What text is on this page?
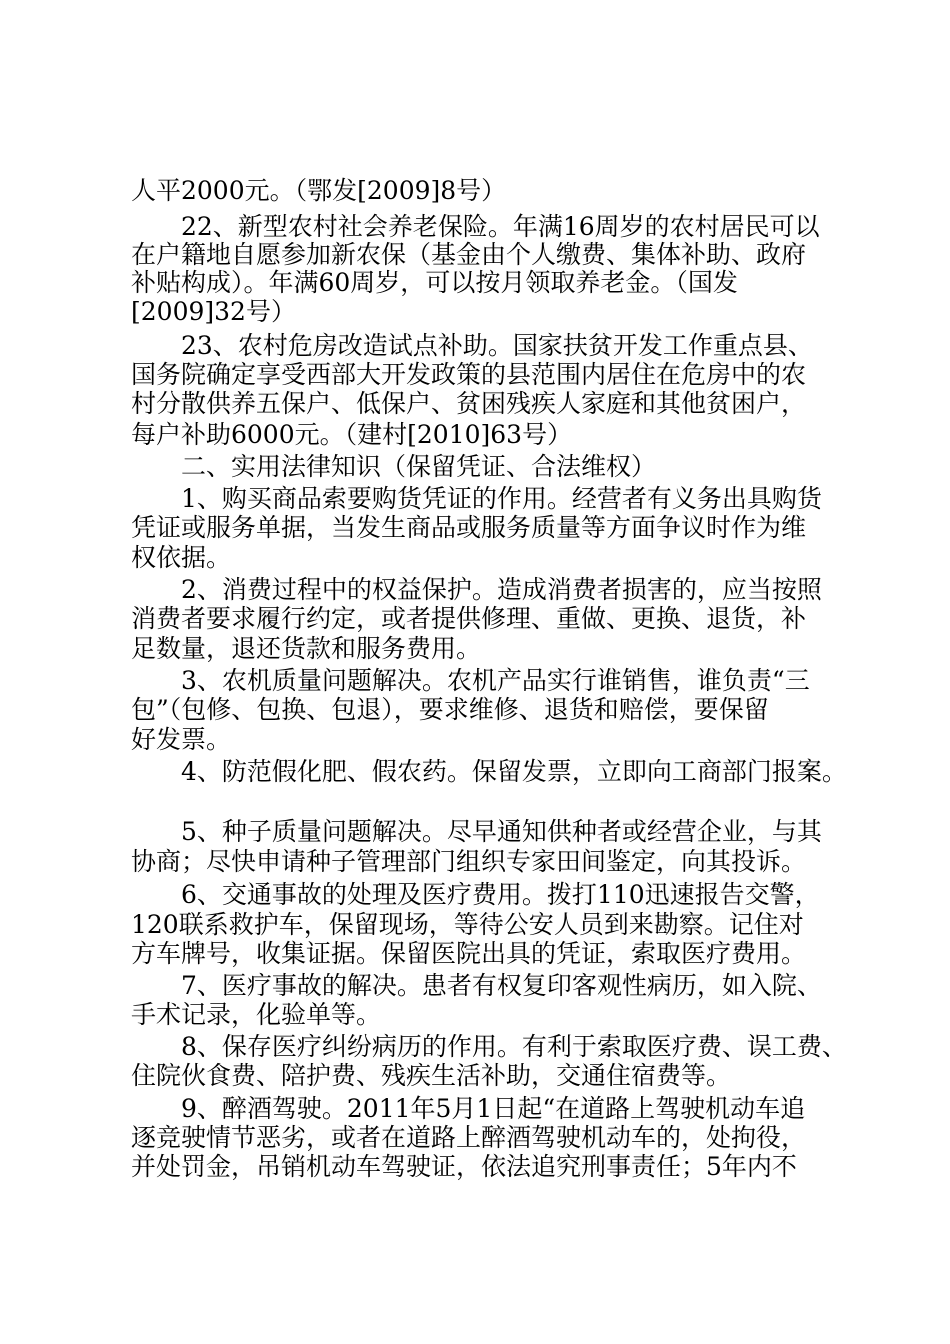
人平2000元。（鄂发[2009]8号）
　　22、新型农村社会养老保险。年满16周岁的农村居民可以
在户籍地自愿参加新农保（基金由个人缴费、集体补助、政府
补贴构成）。年满60周岁，可以按月领取养老金。（国发
[2009]32号）
　　23、农村危房改造试点补助。国家扶贫开发工作重点县、
国务院确定享受西部大开发政策的县范围内居住在危房中的农
村分散供养五保户、低保户、贫困残疾人家庭和其他贫困户，
每户补助6000元。（建村[2010]63号）
　　二、实用法律知识（保留凭证、合法维权）
　　1、购买商品索要购货凭证的作用。经营者有义务出具购货
凭证或服务单据，当发生商品或服务质量等方面争议时作为维
权依据。
　　2、消费过程中的权益保护。造成消费者损害的，应当按照
消费者要求履行约定，或者提供修理、重做、更换、退货，补
足数量，退还货款和服务费用。
　　3、农机质量问题解决。农机产品实行谁销售，谁负责“三
包”（包修、包换、包退），要求维修、退货和赔偿，要保留
好发票。
　　4、防范假化肥、假农药。保留发票，立即向工商部门报案。
　　5、种子质量问题解决。尽早通知供种者或经营企业，与其
协商；尽快申请种子管理部门组织专家田间鉴定，向其投诉。
　　6、交通事故的处理及医疗费用。拨打110迅速报告交警，
120联系救护车，保留现场，等待公安人员到来勘察。记住对
方车牌号，收集证据。保留医院出具的凭证，索取医疗费用。
　　7、医疗事故的解决。患者有权复印客观性病历，如入院、
手术记录，化验单等。
　　8、保存医疗纠纷病历的作用。有利于索取医疗费、误工费、
住院伙食费、陪护费、残疾生活补助，交通住宿费等。
　　9、醉酒驾驶。2011年5月1日起“在道路上驾驶机动车追
逐竞驶情节恶劣，或者在道路上醉酒驾驶机动车的，处拘役，
并处罚金，吊销机动车驾驶证，依法追究刑事责任；5年内不
